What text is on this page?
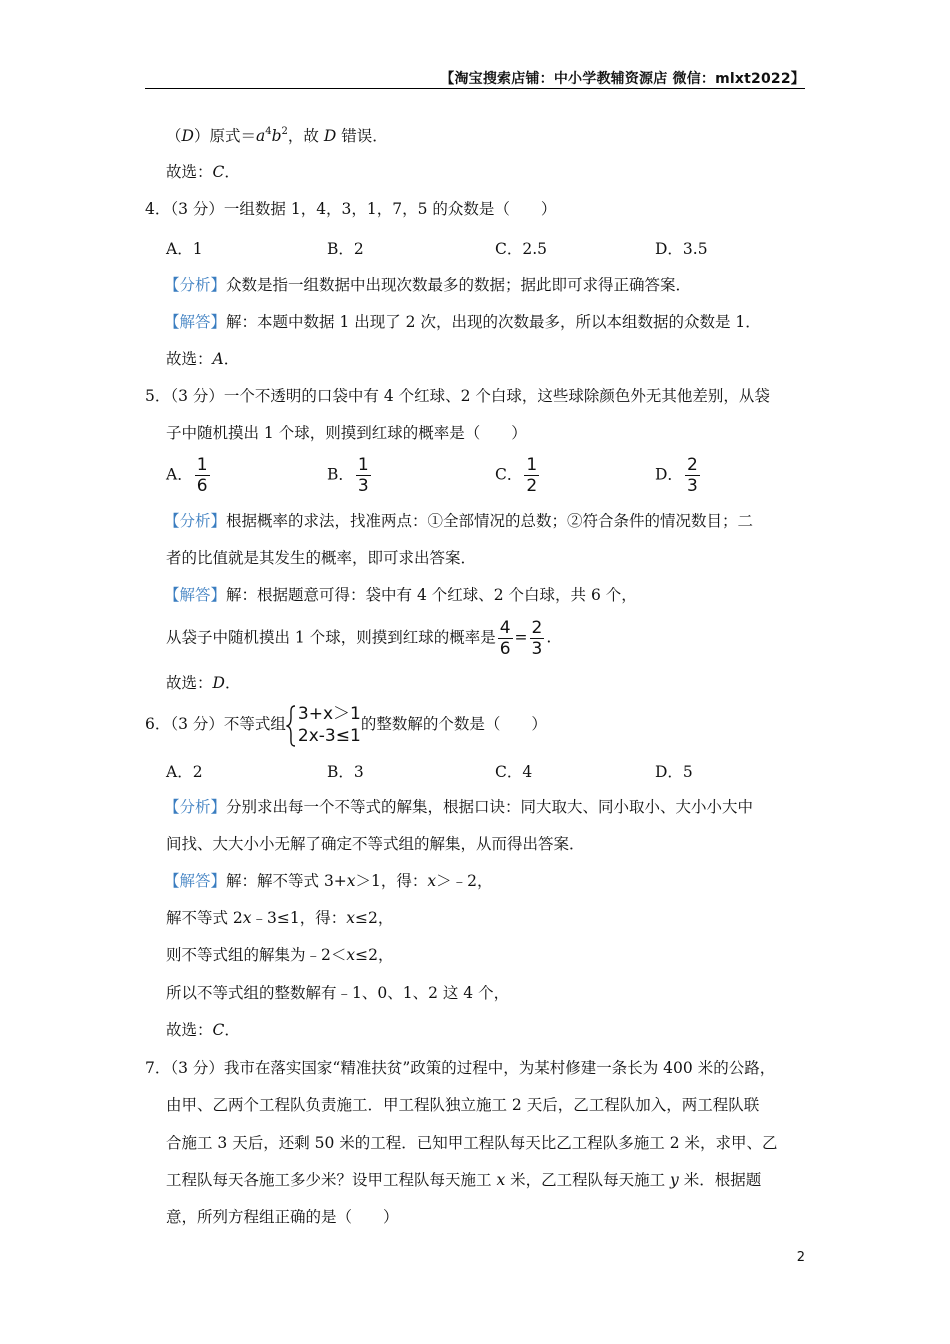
【淘宝搜索店铺：中小学教辅资源店 微信：mlxt2022】
（D）原式$=a^4b^2$，故 D 错误．
故选：C．
4．（3 分）一组数据 1，4，3，1，7，5 的众数是（　　）
A．1	B．2	C．2.5	D．3.5
【分析】众数是指一组数据中出现次数最多的数据；据此即可求得正确答案．
【解答】解：本题中数据 1 出现了 2 次，出现的次数最多，所以本组数据的众数是 1．
故选：A．
5．（3 分）一个不透明的口袋中有 4 个红球、2 个白球，这些球除颜色外无其他差别，从袋
子中随机摸出 1 个球，则摸到红球的概率是（　　）
A． $\frac{1}{6}$	B． $\frac{1}{3}$	C． $\frac{1}{2}$	D． $\frac{2}{3}$
【分析】根据概率的求法，找准两点：①全部情况的总数；②符合条件的情况数目；二
者的比值就是其发生的概率，即可求出答案．
【解答】解：根据题意可得：袋中有 4 个红球、2 个白球，共 6 个，
从袋子中随机摸出 1 个球，则摸到红球的概率是 $\frac{4}{6} = \frac{2}{3}$ .
故选：D．
6．（3 分）不等式组 3+x＞1
2x-3≤1
的整数解的个数是（　　）
A．2	B．3	C．4	D．5
【分析】分别求出每一个不等式的解集，根据口诀：同大取大、同小取小、大小小大中
间找、大大小小无解了确定不等式组的解集，从而得出答案．
【解答】解：解不等式 3+x＞1，得：x＞﹣2，
解不等式 2x﹣3≤1，得：x≤2，
则不等式组的解集为﹣2＜x≤2，
所以不等式组的整数解有﹣1、0、1、2 这 4 个，
故选：C．
7．（3 分）我市在落实国家“精准扶贫”政策的过程中，为某村修建一条长为 400 米的公路，
由甲、乙两个工程队负责施工．甲工程队独立施工 2 天后，乙工程队加入，两工程队联
合施工 3 天后，还剩 50 米的工程．已知甲工程队每天比乙工程队多施工 2 米，求甲、乙
工程队每天各施工多少米？设甲工程队每天施工 x 米，乙工程队每天施工 y 米．根据题
意，所列方程组正确的是（　　）
2
